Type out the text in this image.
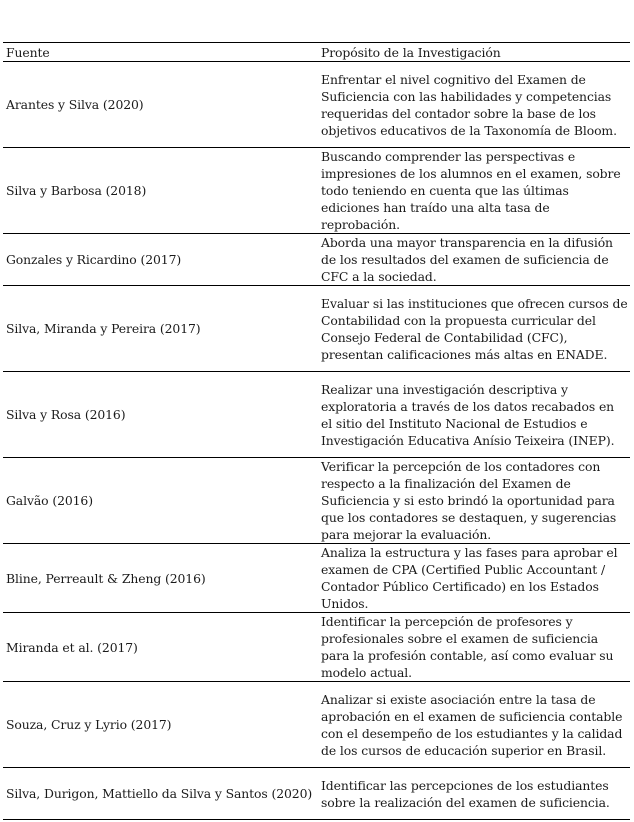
Fuente	Propósito de la Investigación
Arantes y Silva (2020)
Enfrentar el nivel cognitivo del Examen de Suficiencia con las habilidades y competencias requeridas del contador sobre la base de los objetivos educativos de la Taxonomía de Bloom.
Silva y Barbosa (2018)
Buscando comprender las perspectivas e impresiones de los alumnos en el examen, sobre todo teniendo en cuenta que las últimas ediciones han traído una alta tasa de reprobación.
Gonzales y Ricardino (2017)
Aborda una mayor transparencia en la difusión de los resultados del examen de suficiencia de CFC a la sociedad.
Silva, Miranda y Pereira (2017)
Evaluar si las instituciones que ofrecen cursos de Contabilidad con la propuesta curricular del Consejo Federal de Contabilidad (CFC), presentan calificaciones más altas en ENADE.
Silva y Rosa (2016)
Realizar una investigación descriptiva y exploratoria a través de los datos recabados en el sitio del Instituto Nacional de Estudios e Investigación Educativa Anísio Teixeira (INEP).
Galvão (2016)
Verificar la percepción de los contadores con respecto a la finalización del Examen de Suficiencia y si esto brindó la oportunidad para que los contadores se destaquen, y sugerencias para mejorar la evaluación.
Bline, Perreault & Zheng (2016)
Analiza la estructura y las fases para aprobar el examen de CPA (Certified Public Accountant / Contador Público Certificado) en los Estados Unidos.
Miranda et al. (2017)
Identificar la percepción de profesores y profesionales sobre el examen de suficiencia para la profesión contable, así como evaluar su modelo actual.
Souza, Cruz y Lyrio (2017)
Analizar si existe asociación entre la tasa de aprobación en el examen de suficiencia contable con el desempeño de los estudiantes y la calidad de los cursos de educación superior en Brasil.
Silva, Durigon, Mattiello da Silva y Santos (2020)
Identificar las percepciones de los estudiantes sobre la realización del examen de suficiencia.
